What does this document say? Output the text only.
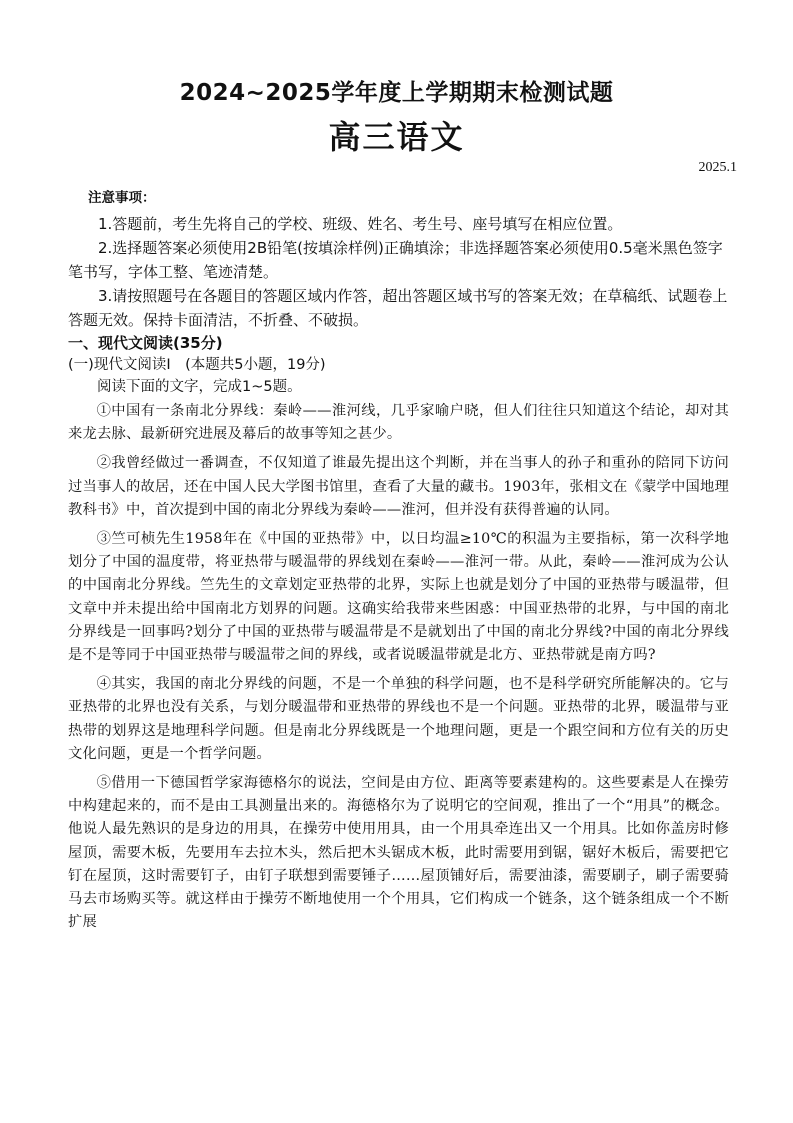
2024~2025学年度上学期期末检测试题
高三语文
2025.1
注意事项：

1.答题前，考生先将自己的学校、班级、姓名、考生号、座号填写在相应位置。

2.选择题答案必须使用2B铅笔(按填涂样例)正确填涂；非选择题答案必须使用0.5毫米黑色签字笔书写，字体工整、笔迹清楚。

3.请按照题号在各题目的答题区域内作答，超出答题区域书写的答案无效；在草稿纸、试题卷上答题无效。保持卡面清洁，不折叠、不破损。

一、现代文阅读(35分)

(一)现代文阅读I　(本题共5小题，19分)

阅读下面的文字，完成1~5题。

①中国有一条南北分界线：秦岭——淮河线，几乎家喻户晓，但人们往往只知道这个结论，却对其来龙去脉、最新研究进展及幕后的故事等知之甚少。

②我曾经做过一番调查，不仅知道了谁最先提出这个判断，并在当事人的孙子和重孙的陪同下访问过当事人的故居，还在中国人民大学图书馆里，查看了大量的藏书。1903年，张相文在《蒙学中国地理教科书》中，首次提到中国的南北分界线为秦岭——淮河，但并没有获得普遍的认同。

③竺可桢先生1958年在《中国的亚热带》中，以日均温≥10℃的积温为主要指标，第一次科学地划分了中国的温度带，将亚热带与暖温带的界线划在秦岭——淮河一带。从此，秦岭——淮河成为公认的中国南北分界线。竺先生的文章划定亚热带的北界，实际上也就是划分了中国的亚热带与暖温带，但文章中并未提出给中国南北方划界的问题。这确实给我带来些困惑：中国亚热带的北界，与中国的南北分界线是一回事吗?划分了中国的亚热带与暖温带是不是就划出了中国的南北分界线?中国的南北分界线是不是等同于中国亚热带与暖温带之间的界线，或者说暖温带就是北方、亚热带就是南方吗?

④其实，我国的南北分界线的问题，不是一个单独的科学问题，也不是科学研究所能解决的。它与亚热带的北界也没有关系，与划分暖温带和亚热带的界线也不是一个问题。亚热带的北界，暖温带与亚热带的划界这是地理科学问题。但是南北分界线既是一个地理问题，更是一个跟空间和方位有关的历史文化问题，更是一个哲学问题。

⑤借用一下德国哲学家海德格尔的说法，空间是由方位、距离等要素建构的。这些要素是人在操劳中构建起来的，而不是由工具测量出来的。海德格尔为了说明它的空间观，推出了一个“用具”的概念。他说人最先熟识的是身边的用具，在操劳中使用用具，由一个用具牵连出又一个用具。比如你盖房时修屋顶，需要木板，先要用车去拉木头，然后把木头锯成木板，此时需要用到锯，锯好木板后，需要把它钉在屋顶，这时需要钉子，由钉子联想到需要锤子……屋顶铺好后，需要油漆，需要刷子，刷子需要骑马去市场购买等。就这样由于操劳不断地使用一个个用具，它们构成一个链条，这个链条组成一个不断扩展
